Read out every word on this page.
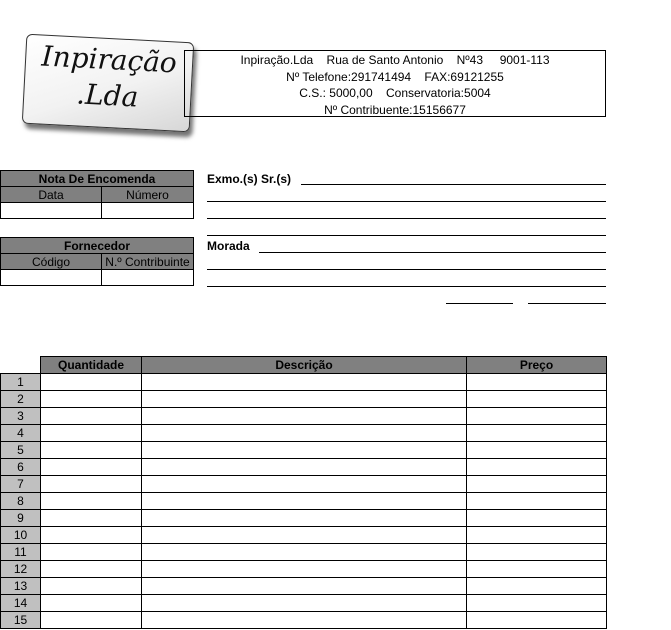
Inpiração
.Lda
Inpiração.Lda    Rua de Santo Antonio    Nº43     9001-113
Nº Telefone:291741494    FAX:69121255
C.S.: 5000,00    Conservatoria:5004
Nº Contribuente:15156677
Nota De Encomenda	
Data	Número

Fornecedor	
Código	N.º Contribuinte

Exmo.(s) Sr.(s)
Morada
	Quantidade	Descrição	Preço
1			
2			
3			
4			
5			
6			
7			
8			
9			
10			
11			
12			
13			
14			
15			
